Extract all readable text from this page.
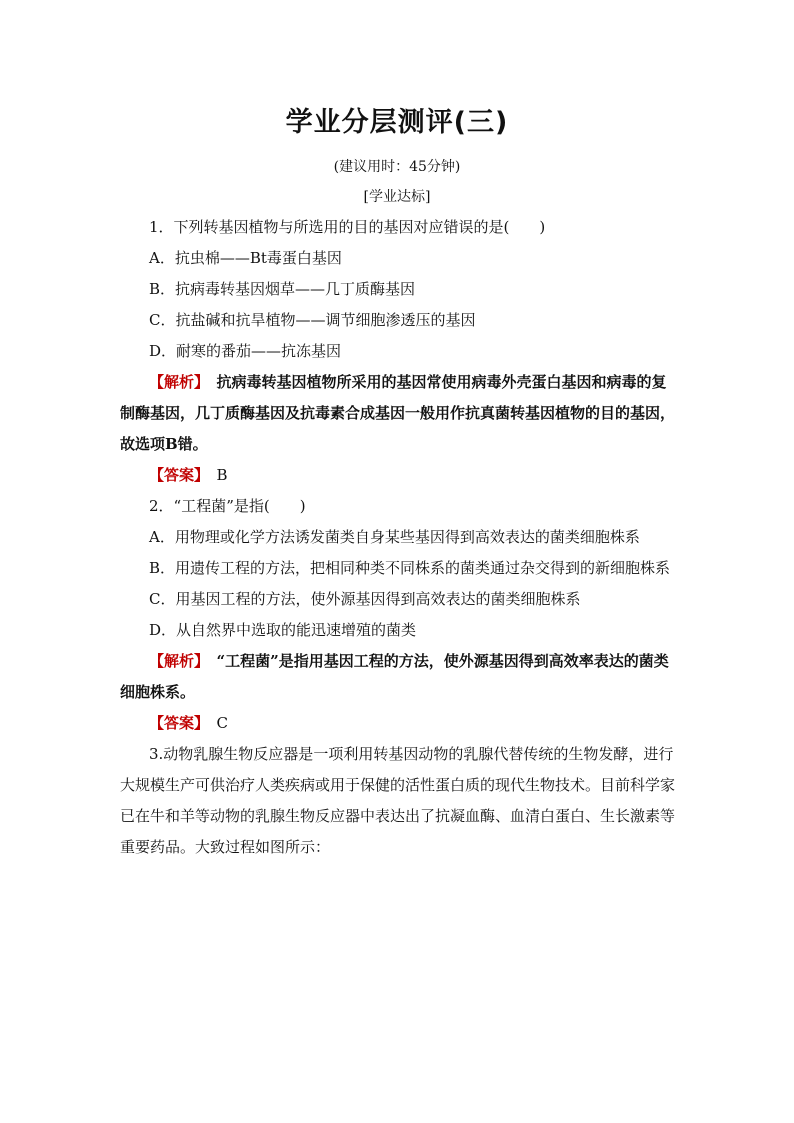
学业分层测评(三)
(建议用时：45分钟)
[学业达标]

1．下列转基因植物与所选用的目的基因对应错误的是(　　)

A．抗虫棉——Bt毒蛋白基因

B．抗病毒转基因烟草——几丁质酶基因

C．抗盐碱和抗旱植物——调节细胞渗透压的基因

D．耐寒的番茄——抗冻基因

【解析】　 抗病毒转基因植物所采用的基因常使用病毒外壳蛋白基因和病毒的复制酶基因，几丁质酶基因及抗毒素合成基因一般用作抗真菌转基因植物的目的基因，故选项B错。

【答案】　 B

2．“工程菌”是指(　　)

A．用物理或化学方法诱发菌类自身某些基因得到高效表达的菌类细胞株系

B．用遗传工程的方法，把相同种类不同株系的菌类通过杂交得到的新细胞株系

C．用基因工程的方法，使外源基因得到高效表达的菌类细胞株系

D．从自然界中选取的能迅速增殖的菌类

【解析】　 “工程菌”是指用基因工程的方法，使外源基因得到高效率表达的菌类细胞株系。

【答案】　 C

3.动物乳腺生物反应器是一项利用转基因动物的乳腺代替传统的生物发酵，进行大规模生产可供治疗人类疾病或用于保健的活性蛋白质的现代生物技术。目前科学家已在牛和羊等动物的乳腺生物反应器中表达出了抗凝血酶、血清白蛋白、生长激素等重要药品。大致过程如图所示：
